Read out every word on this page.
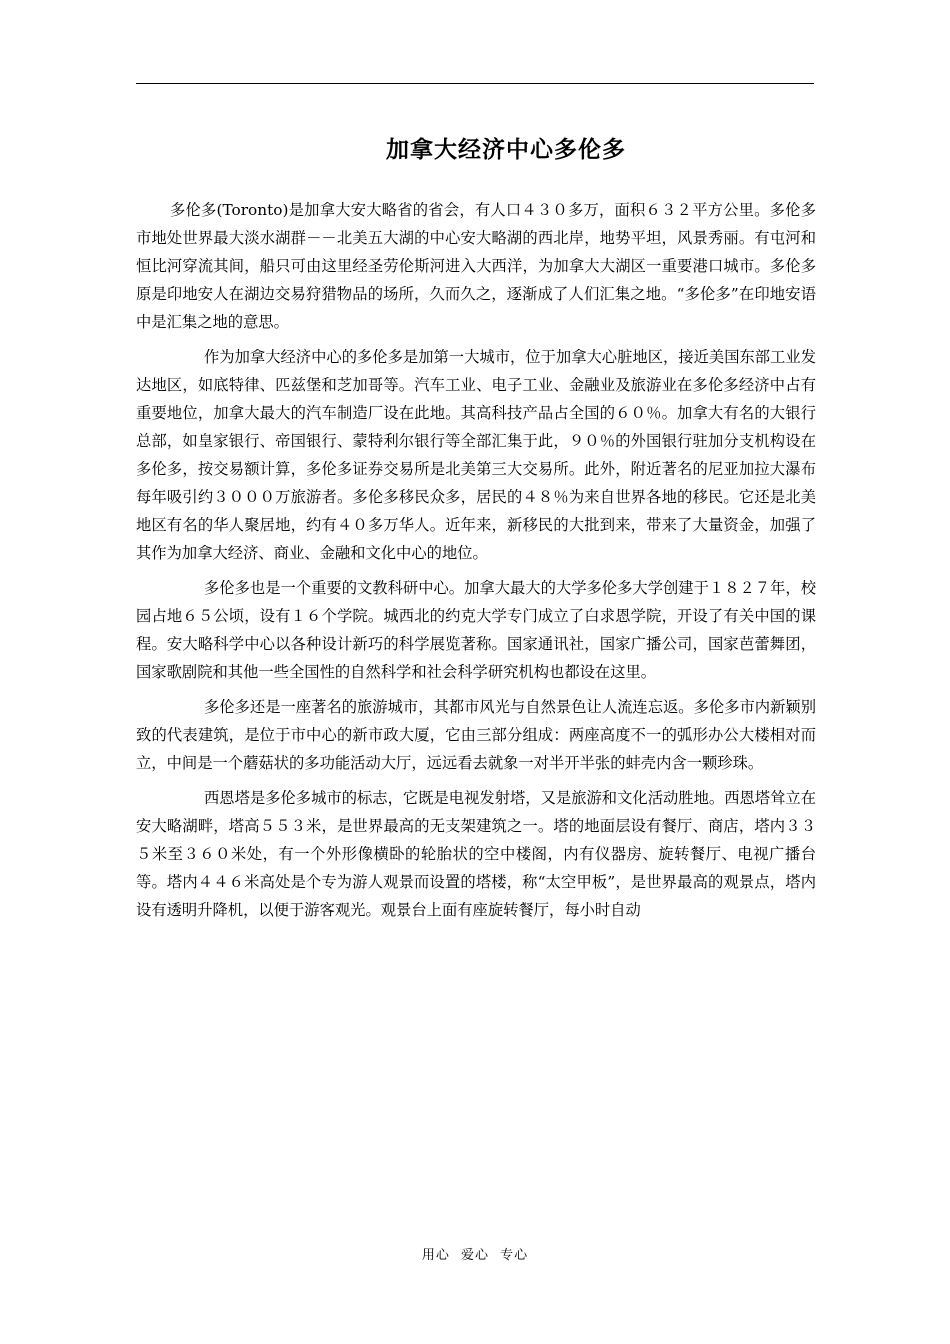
加拿大经济中心多伦多

多伦多(Toronto)是加拿大安大略省的省会，有人口４３０多万，面积６３２平方公里。多伦多市地处世界最大淡水湖群－－北美五大湖的中心安大略湖的西北岸，地势平坦，风景秀丽。有屯河和恒比河穿流其间，船只可由这里经圣劳伦斯河进入大西洋，为加拿大大湖区一重要港口城市。多伦多原是印地安人在湖边交易狩猎物品的场所，久而久之，逐渐成了人们汇集之地。“多伦多”在印地安语中是汇集之地的意思。

作为加拿大经济中心的多伦多是加第一大城市，位于加拿大心脏地区，接近美国东部工业发达地区，如底特律、匹兹堡和芝加哥等。汽车工业、电子工业、金融业及旅游业在多伦多经济中占有重要地位，加拿大最大的汽车制造厂设在此地。其高科技产品占全国的６０％。加拿大有名的大银行总部，如皇家银行、帝国银行、蒙特利尔银行等全部汇集于此，９０％的外国银行驻加分支机构设在多伦多，按交易额计算，多伦多证券交易所是北美第三大交易所。此外，附近著名的尼亚加拉大瀑布每年吸引约３０００万旅游者。多伦多移民众多，居民的４８％为来自世界各地的移民。它还是北美地区有名的华人聚居地，约有４０多万华人。近年来，新移民的大批到来，带来了大量资金，加强了其作为加拿大经济、商业、金融和文化中心的地位。

多伦多也是一个重要的文教科研中心。加拿大最大的大学多伦多大学创建于１８２７年，校园占地６５公顷，设有１６个学院。城西北的约克大学专门成立了白求恩学院，开设了有关中国的课程。安大略科学中心以各种设计新巧的科学展览著称。国家通讯社，国家广播公司，国家芭蕾舞团，国家歌剧院和其他一些全国性的自然科学和社会科学研究机构也都设在这里。

多伦多还是一座著名的旅游城市，其都市风光与自然景色让人流连忘返。多伦多市内新颖别致的代表建筑，是位于市中心的新市政大厦，它由三部分组成：两座高度不一的弧形办公大楼相对而立，中间是一个蘑菇状的多功能活动大厅，远远看去就象一对半开半张的蚌壳内含一颗珍珠。

西恩塔是多伦多城市的标志，它既是电视发射塔，又是旅游和文化活动胜地。西恩塔耸立在安大略湖畔，塔高５５３米，是世界最高的无支架建筑之一。塔的地面层设有餐厅、商店，塔内３３５米至３６０米处，有一个外形像横卧的轮胎状的空中楼阁，内有仪器房、旋转餐厅、电视广播台等。塔内４４６米高处是个专为游人观景而设置的塔楼，称“太空甲板”，是世界最高的观景点，塔内设有透明升降机，以便于游客观光。观景台上面有座旋转餐厅，每小时自动

用心 爱心 专心
